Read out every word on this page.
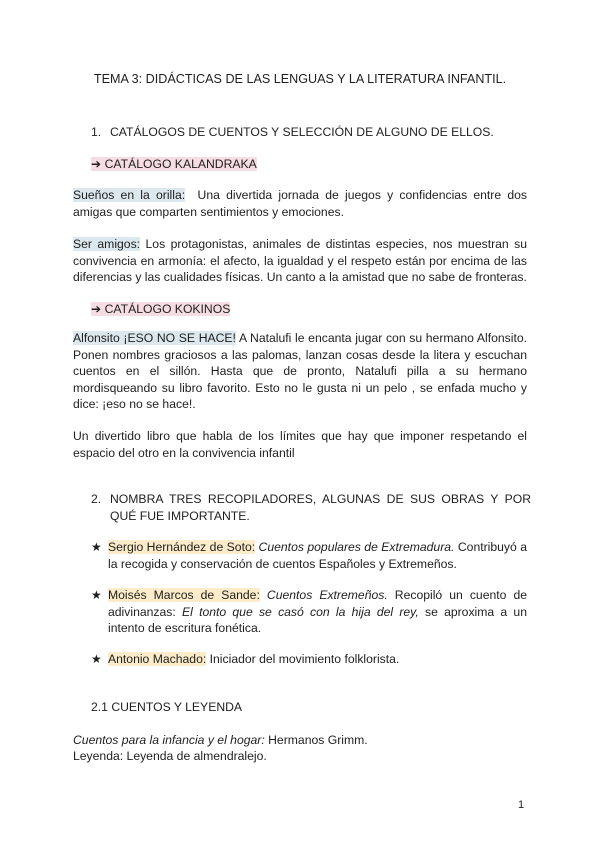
TEMA 3: DIDÁCTICAS DE LAS LENGUAS Y LA LITERATURA INFANTIL.
1. CATÁLOGOS DE CUENTOS Y SELECCIÓN DE ALGUNO DE ELLOS.
➔ CATÁLOGO KALANDRAKA
Sueños en la orilla: Una divertida jornada de juegos y confidencias entre dos amigas que comparten sentimientos y emociones.
Ser amigos: Los protagonistas, animales de distintas especies, nos muestran su convivencia en armonía: el afecto, la igualdad y el respeto están por encima de las diferencias y las cualidades físicas. Un canto a la amistad que no sabe de fronteras.
➔ CATÁLOGO KOKINOS
Alfonsito ¡ESO NO SE HACE! A Natalufi le encanta jugar con su hermano Alfonsito. Ponen nombres graciosos a las palomas, lanzan cosas desde la litera y escuchan cuentos en el sillón. Hasta que de pronto, Natalufi pilla a su hermano mordisqueando su libro favorito. Esto no le gusta ni un pelo , se enfada mucho y dice: ¡eso no se hace!.
Un divertido libro que habla de los límites que hay que imponer respetando el espacio del otro en la convivencia infantil
2. NOMBRA TRES RECOPILADORES, ALGUNAS DE SUS OBRAS Y POR QUÉ FUE IMPORTANTE.
★ Sergio Hernández de Soto: Cuentos populares de Extremadura. Contribuyó a la recogida y conservación de cuentos Españoles y Extremeños.
★ Moisés Marcos de Sande: Cuentos Extremeños. Recopiló un cuento de adivinanzas: El tonto que se casó con la hija del rey, se aproxima a un intento de escritura fonética.
★ Antonio Machado: Iniciador del movimiento folklorista.
2.1 CUENTOS Y LEYENDA
Cuentos para la infancia y el hogar: Hermanos Grimm.
Leyenda: Leyenda de almendralejo.
1
